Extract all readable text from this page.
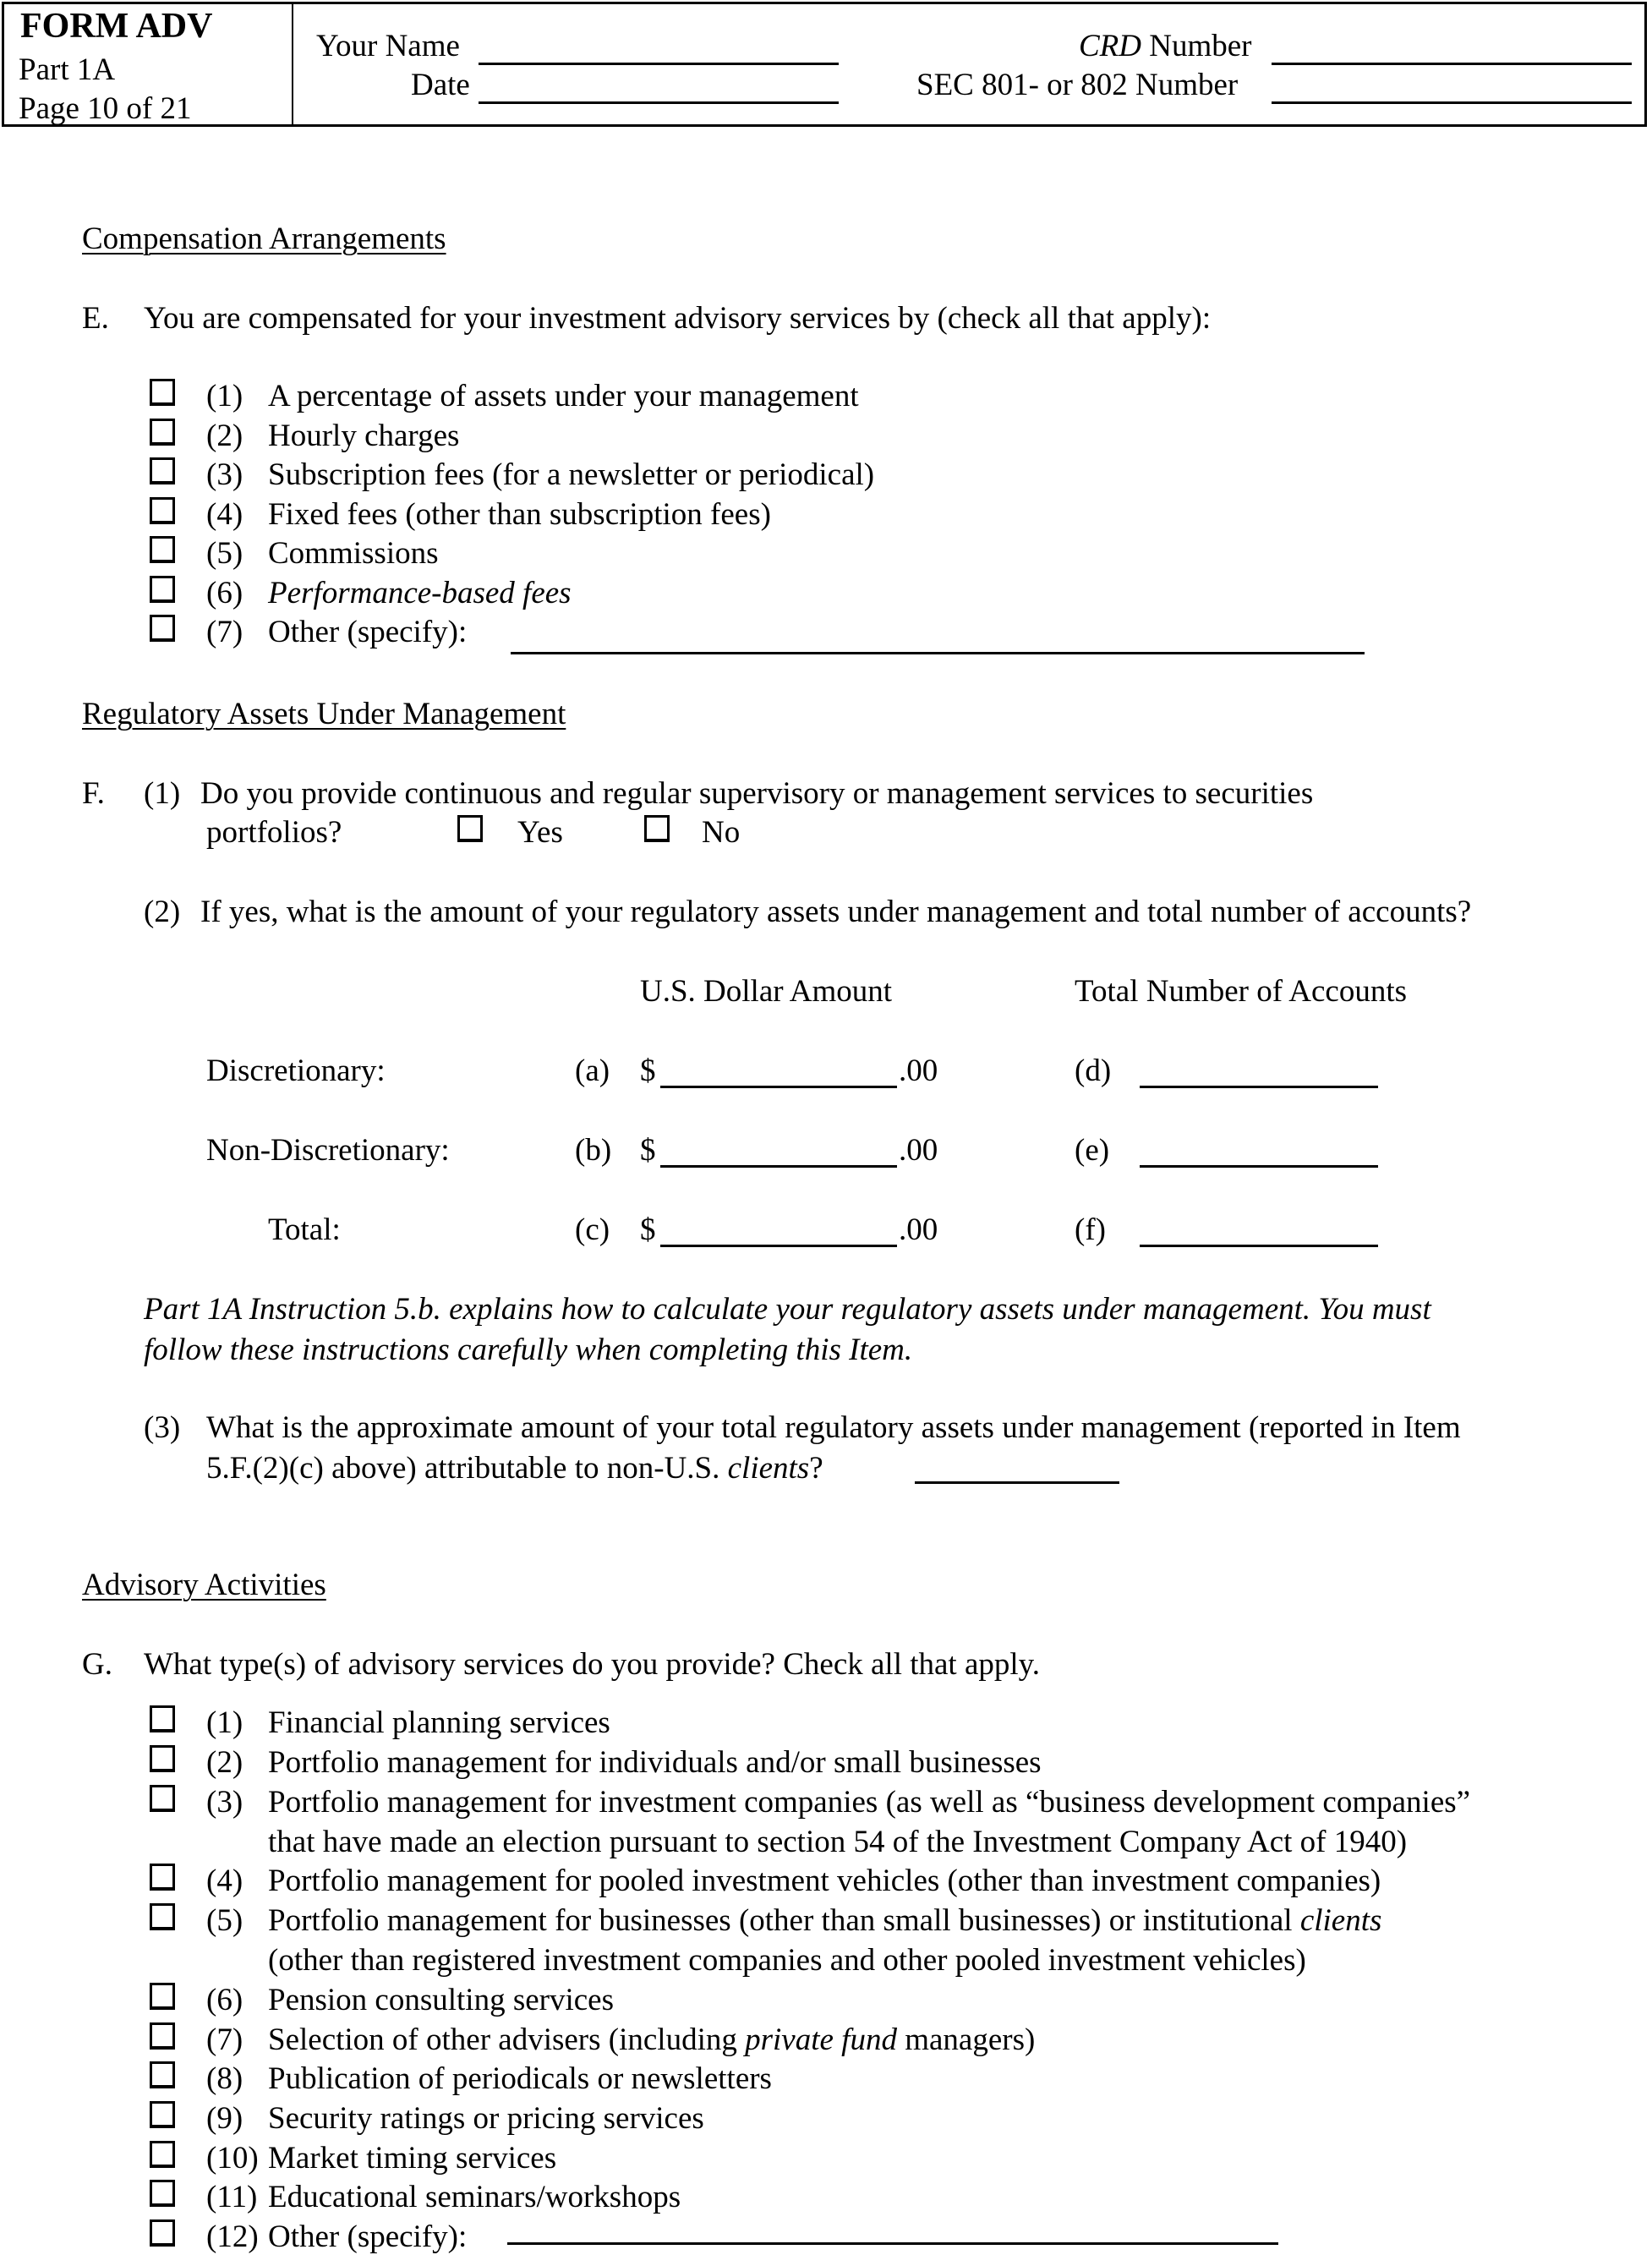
FORM ADV
Part 1A
Page 10 of 21
Your Name
Date
CRD Number
SEC 801- or 802 Number
Compensation Arrangements
E. You are compensated for your investment advisory services by (check all that apply):
(1) A percentage of assets under your management
(2) Hourly charges
(3) Subscription fees (for a newsletter or periodical)
(4) Fixed fees (other than subscription fees)
(5) Commissions
(6) Performance-based fees
(7) Other (specify):
Regulatory Assets Under Management
F. (1) Do you provide continuous and regular supervisory or management services to securities
portfolios?	Yes	No
(2) If yes, what is the amount of your regulatory assets under management and total number of accounts?
U.S. Dollar Amount	Total Number of Accounts
Discretionary:	(a) $	.00	(d)
Non-Discretionary:	(b) $	.00	(e)
Total:	(c) $	.00	(f)
Part 1A Instruction 5.b. explains how to calculate your regulatory assets under management. You must
follow these instructions carefully when completing this Item.
(3) What is the approximate amount of your total regulatory assets under management (reported in Item
5.F.(2)(c) above) attributable to non-U.S. clients?
Advisory Activities
G. What type(s) of advisory services do you provide? Check all that apply.
(1) Financial planning services
(2) Portfolio management for individuals and/or small businesses
(3) Portfolio management for investment companies (as well as “business development companies”
that have made an election pursuant to section 54 of the Investment Company Act of 1940)
(4) Portfolio management for pooled investment vehicles (other than investment companies)
(5) Portfolio management for businesses (other than small businesses) or institutional clients
(other than registered investment companies and other pooled investment vehicles)
(6) Pension consulting services
(7) Selection of other advisers (including private fund managers)
(8) Publication of periodicals or newsletters
(9) Security ratings or pricing services
(10) Market timing services
(11) Educational seminars/workshops
(12) Other (specify):
